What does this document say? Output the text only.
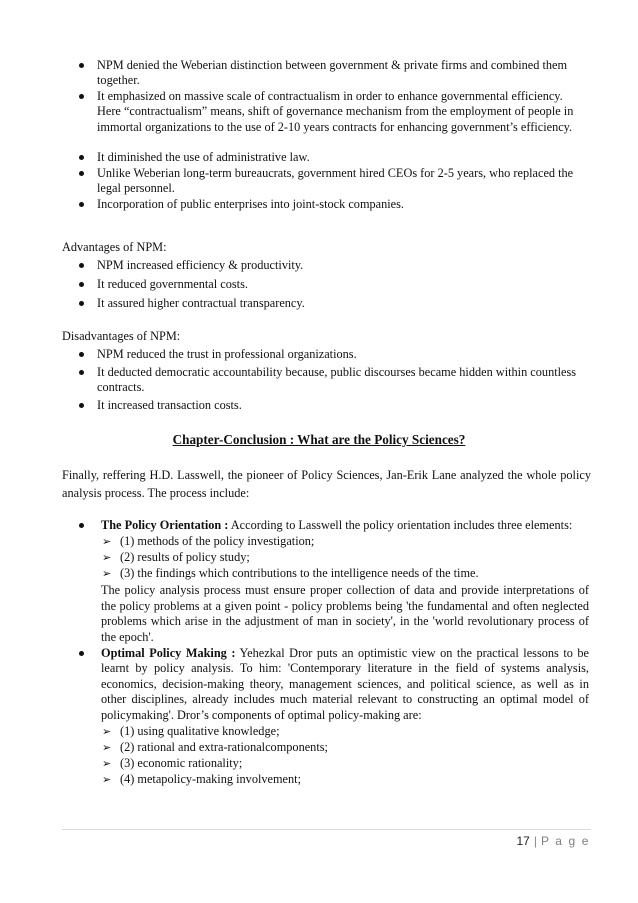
NPM denied the Weberian distinction between government & private firms and combined them together.
It emphasized on massive scale of contractualism in order to enhance governmental efficiency. Here “contractualism” means, shift of governance mechanism from the employment of people in immortal organizations to the use of 2-10 years contracts for enhancing government’s efficiency.
It diminished the use of administrative law.
Unlike Weberian long-term bureaucrats, government hired CEOs for 2-5 years, who replaced the legal personnel.
Incorporation of public enterprises into joint-stock companies.
Advantages of NPM:
NPM increased efficiency & productivity.
It reduced governmental costs.
It assured higher contractual transparency.
Disadvantages of NPM:
NPM reduced the trust in professional organizations.
It deducted democratic accountability because, public discourses became hidden within countless contracts.
It increased transaction costs.
Chapter-Conclusion : What are the Policy Sciences?
Finally, reffering H.D. Lasswell, the pioneer of Policy Sciences, Jan-Erik Lane analyzed the whole policy analysis process. The process include:
The Policy Orientation : According to Lasswell the policy orientation includes three elements:
➢ (1) methods of the policy investigation;
➢ (2) results of policy study;
➢ (3) the findings which contributions to the intelligence needs of the time.
The policy analysis process must ensure proper collection of data and provide interpretations of the policy problems at a given point - policy problems being 'the fundamental and often neglected problems which arise in the adjustment of man in society', in the 'world revolutionary process of the epoch'.
Optimal Policy Making : Yehezkal Dror puts an optimistic view on the practical lessons to be learnt by policy analysis. To him: 'Contemporary literature in the field of systems analysis, economics, decision-making theory, management sciences, and political science, as well as in other disciplines, already includes much material relevant to constructing an optimal model of policymaking'. Dror’s components of optimal policy-making are:
➢ (1) using qualitative knowledge;
➢ (2) rational and extra-rationalcomponents;
➢ (3) economic rationality;
➢ (4) metapolicy-making involvement;
17 | P a g e
